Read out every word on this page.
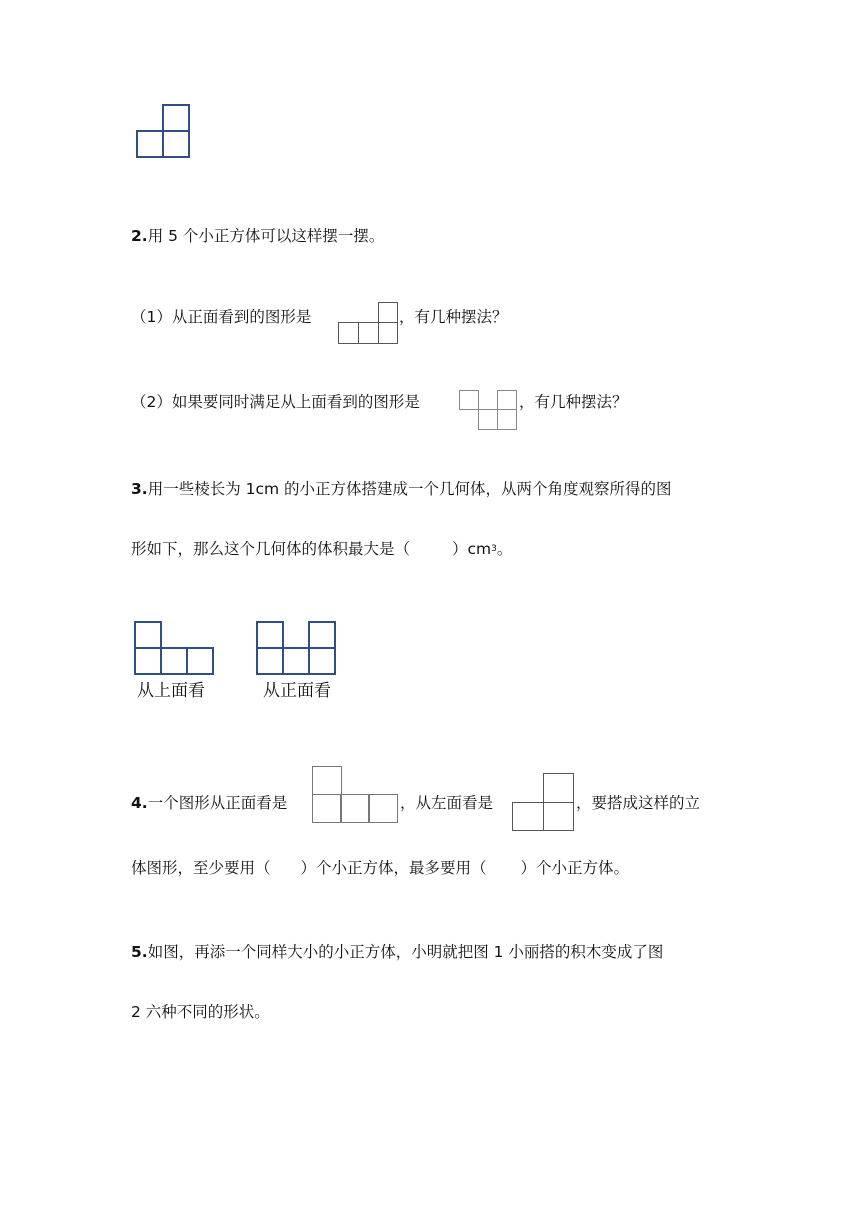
2.用 5 个小正方体可以这样摆一摆。
（1）从正面看到的图形是	，有几种摆法？
（2）如果要同时满足从上面看到的图形是	，有几种摆法？
3.用一些棱长为 1cm 的小正方体搭建成一个几何体，从两个角度观察所得的图
形如下，那么这个几何体的体积最大是（	）$cm^3$。
从上面看	从正面看
4.一个图形从正面看是	，从左面看是	，要搭成这样的立
体图形，至少要用（ ）个小正方体，最多要用（ ）个小正方体。
5.如图，再添一个同样大小的小正方体，小明就把图 1 小丽搭的积木变成了图
2 六种不同的形状。
